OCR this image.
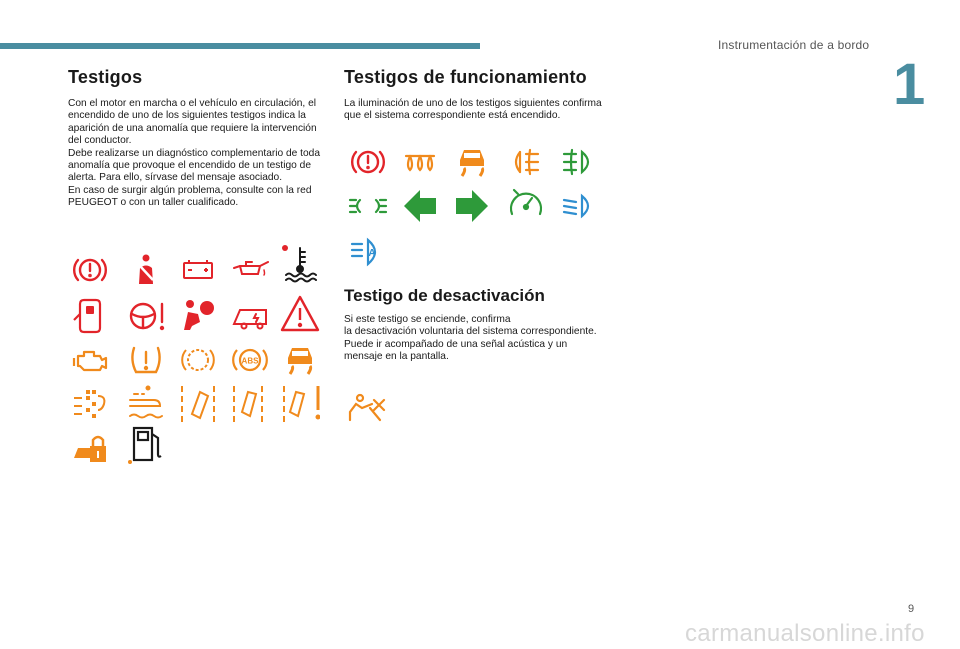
Instrumentación de a bordo
1
Testigos

Con el motor en marcha o el vehículo en circulación, el encendido de uno de los siguientes testigos indica la aparición de una anomalía que requiere la intervención del conductor.
Debe realizarse un diagnóstico complementario de toda anomalía que provoque el encendido de un testigo de alerta. Para ello, sírvase del mensaje asociado.
En caso de surgir algún problema, consulte con la red PEUGEOT o con un taller cualificado.

Testigos de funcionamiento

La iluminación de uno de los testigos siguientes confirma que el sistema correspondiente está encendido.

Testigo de desactivación

Si este testigo se enciende, confirma
la desactivación voluntaria del sistema correspondiente.
Puede ir acompañado de una señal acústica y un mensaje en la pantalla.

ABS
A
9
carmanualsonline.info
